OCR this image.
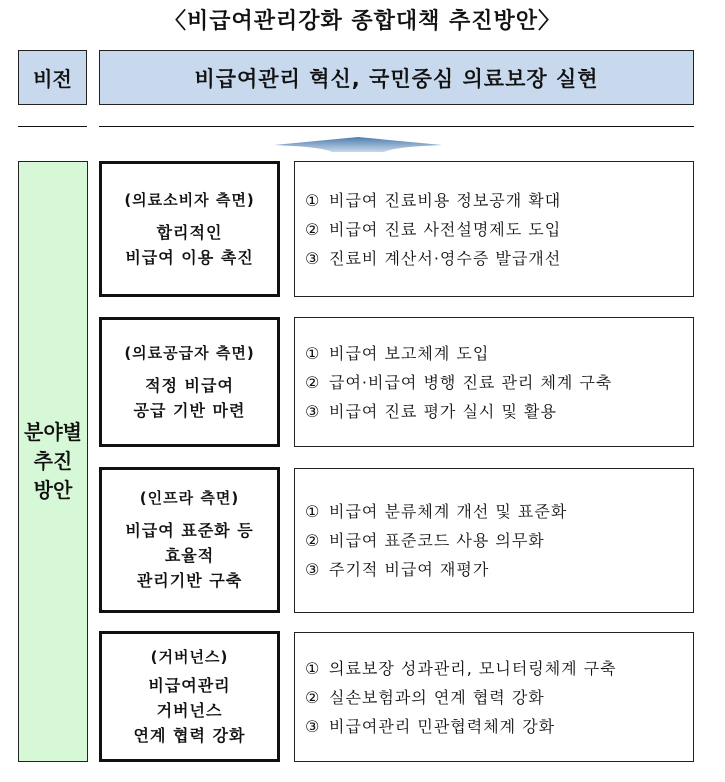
〈비급여관리강화 종합대책 추진방안〉
비전	비급여관리 혁신, 국민중심 의료보장 실현
분야별
추진
방안
(의료소비자 측면)
합리적인
비급여 이용 촉진
① 비급여 진료비용 정보공개 확대
② 비급여 진료 사전설명제도 도입
③ 진료비 계산서·영수증 발급개선
(의료공급자 측면)
적정 비급여
공급 기반 마련
① 비급여 보고체계 도입
② 급여·비급여 병행 진료 관리 체계 구축
③ 비급여 진료 평가 실시 및 활용
(인프라 측면)
비급여 표준화 등
효율적
관리기반 구축
① 비급여 분류체계 개선 및 표준화
② 비급여 표준코드 사용 의무화
③ 주기적 비급여 재평가
(거버넌스)
비급여관리
거버넌스
연계 협력 강화
① 의료보장 성과관리, 모니터링체계 구축
② 실손보험과의 연계 협력 강화
③ 비급여관리 민관협력체계 강화
